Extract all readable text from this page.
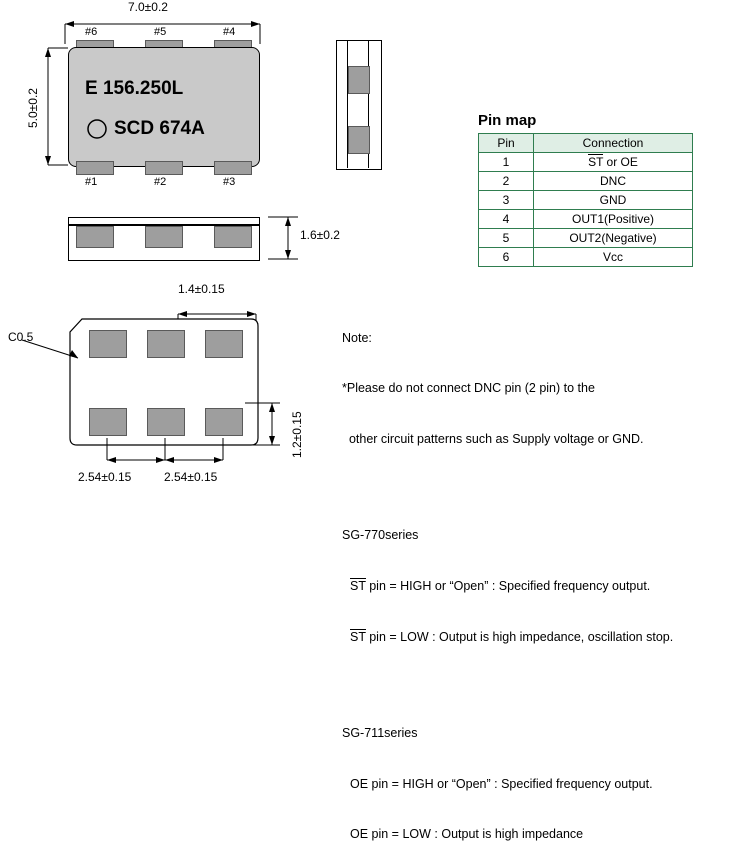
7.0±0.2
5.0±0.2 E 156.250L
SCD 674A
#6	#5	#4
#1	#2	#3
1.6±0.2
1.4±0.15
C0.5
1.2±0.15
2.54±0.15	2.54±0.15
Pin map
Pin	Connection
1	ST or OE
2	DNC
3	GND
4	OUT1(Positive)
5	OUT2(Negative)
6	Vcc

Note:

*Please do not connect DNC pin (2 pin) to the

other circuit patterns such as Supply voltage or GND.

SG-770series

ST pin = HIGH or “Open” : Specified frequency output.

ST pin = LOW : Output is high impedance, oscillation stop.

SG-711series

OE pin = HIGH or “Open” : Specified frequency output.

OE pin = LOW : Output is high impedance
